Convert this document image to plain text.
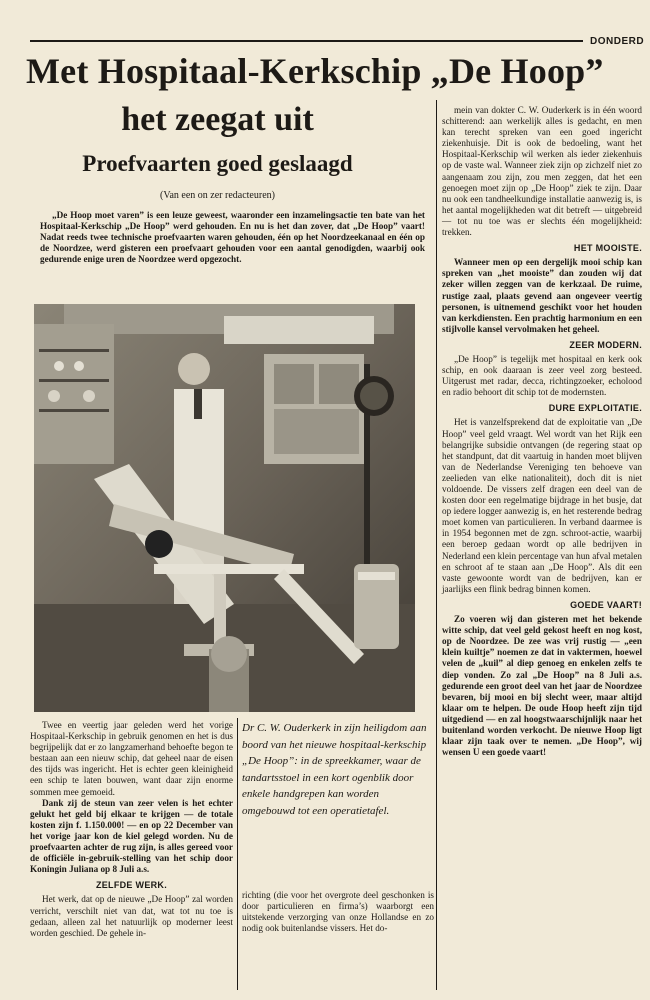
DONDERD
Met Hospitaal-Kerkschip „De Hoop”
het zeegat uit
Proefvaarten goed geslaagd
(Van een on zer redacteuren)

„De Hoop moet varen” is een leuze geweest, waaronder een inzamelingsactie ten bate van het Hospitaal-Kerkschip „De Hoop” werd gehouden. En nu is het dan zover, dat „De Hoop” vaart! Nadat reeds twee technische proefvaarten waren gehouden, één op het Noordzeekanaal en één op de Noordzee, werd gisteren een proefvaart gehouden voor een aantal genodigden, waarbij ook gedurende enige uren de Noordzee werd opgezocht.

Dr C. W. Ouderkerk in zijn heiligdom aan boord van het nieuwe hospitaal-kerkschip „De Hoop”: in de spreekkamer, waar de tandartsstoel in een kort ogenblik door enkele handgrepen kan worden omgebouwd tot een operatietafel.

mein van dokter C. W. Ouderkerk is in één woord schitterend: aan werkelijk alles is gedacht, en men kan terecht spreken van een goed ingericht ziekenhuisje. Dit is ook de bedoeling, want het Hospitaal-Kerkschip wil werken als ieder ziekenhuis op de vaste wal. Wanneer ziek zijn op zichzelf niet zo aangenaam zou zijn, zou men zeggen, dat het een genoegen moet zijn op „De Hoop” ziek te zijn. Daar nu ook een tandheelkundige installatie aanwezig is, is het aantal mogelijkheden wat dit betreft — uitgebreid — tot nu toe was er slechts één mogelijkheid: trekken.

HET MOOISTE.

Wanneer men op een dergelijk mooi schip kan spreken van „het mooiste” dan zouden wij dat zeker willen zeggen van de kerkzaal. De ruime, rustige zaal, plaats gevend aan ongeveer veertig personen, is uitnemend geschikt voor het houden van kerkdiensten. Een prachtig harmonium en een stijlvolle kansel vervolmaken het geheel.

ZEER MODERN.

„De Hoop” is tegelijk met hospitaal en kerk ook schip, en ook daaraan is zeer veel zorg besteed. Uitgerust met radar, decca, richtingzoeker, echolood en radio behoort dit schip tot de modernsten.

DURE EXPLOITATIE.

Het is vanzelfsprekend dat de exploitatie van „De Hoop” veel geld vraagt. Wel wordt van het Rijk een belangrijke subsidie ontvangen (de regering staat op het standpunt, dat dit vaartuig in handen moet blijven van de Nederlandse Vereniging ten behoeve van zeelieden van elke nationaliteit), doch dit is niet voldoende. De vissers zelf dragen een deel van de kosten door een regelmatige bijdrage in het busje, dat op iedere logger aanwezig is, en het resterende bedrag moet komen van particulieren. In verband daarmee is in 1954 begonnen met de zgn. schroot-actie, waarbij een beroep gedaan wordt op alle bedrijven in Nederland een klein percentage van hun afval metalen en schroot af te staan aan „De Hoop”. Als dit een vaste gewoonte wordt van de bedrijven, kan er jaarlijks een flink bedrag binnen komen.

GOEDE VAART!

Zo voeren wij dan gisteren met het bekende witte schip, dat veel geld gekost heeft en nog kost, op de Noordzee. De zee was vrij rustig — „een klein kuiltje” noemen ze dat in vaktermen, hoewel velen de „kuil” al diep genoeg en enkelen zelfs te diep vonden. Zo zal „De Hoop” na 8 Juli a.s. gedurende een groot deel van het jaar de Noordzee bevaren, bij mooi en bij slecht weer, maar altijd klaar om te helpen. De oude Hoop heeft zijn tijd uitgediend — en zal hoogstwaarschijnlijk naar het buitenland worden verkocht. De nieuwe Hoop ligt klaar zijn taak over te nemen. „De Hoop”, wij wensen U een goede vaart!

Twee en veertig jaar geleden werd het vorige Hospitaal-Kerkschip in gebruik genomen en het is dus begrijpelijk dat er zo langzamerhand behoefte begon te bestaan aan een nieuw schip, dat geheel naar de eisen des tijds was ingericht. Het is echter geen kleinigheid een schip te laten bouwen, want daar zijn enorme sommen mee gemoeid.

Dank zij de steun van zeer velen is het echter gelukt het geld bij elkaar te krijgen — de totale kosten zijn f. 1.150.000! — en op 22 December van het vorige jaar kon de kiel gelegd worden. Nu de proefvaarten achter de rug zijn, is alles gereed voor de officiële in-gebruik-stelling van het schip door Koningin Juliana op 8 Juli a.s.

ZELFDE WERK.

Het werk, dat op de nieuwe „De Hoop” zal worden verricht, verschilt niet van dat, wat tot nu toe is gedaan, alleen zal het natuurlijk op moderner leest worden geschied. De gehele in-

richting (die voor het overgrote deel geschonken is door particulieren en firma’s) waarborgt een uitstekende verzorging van onze Hollandse en zo nodig ook buitenlandse vissers. Het do-
